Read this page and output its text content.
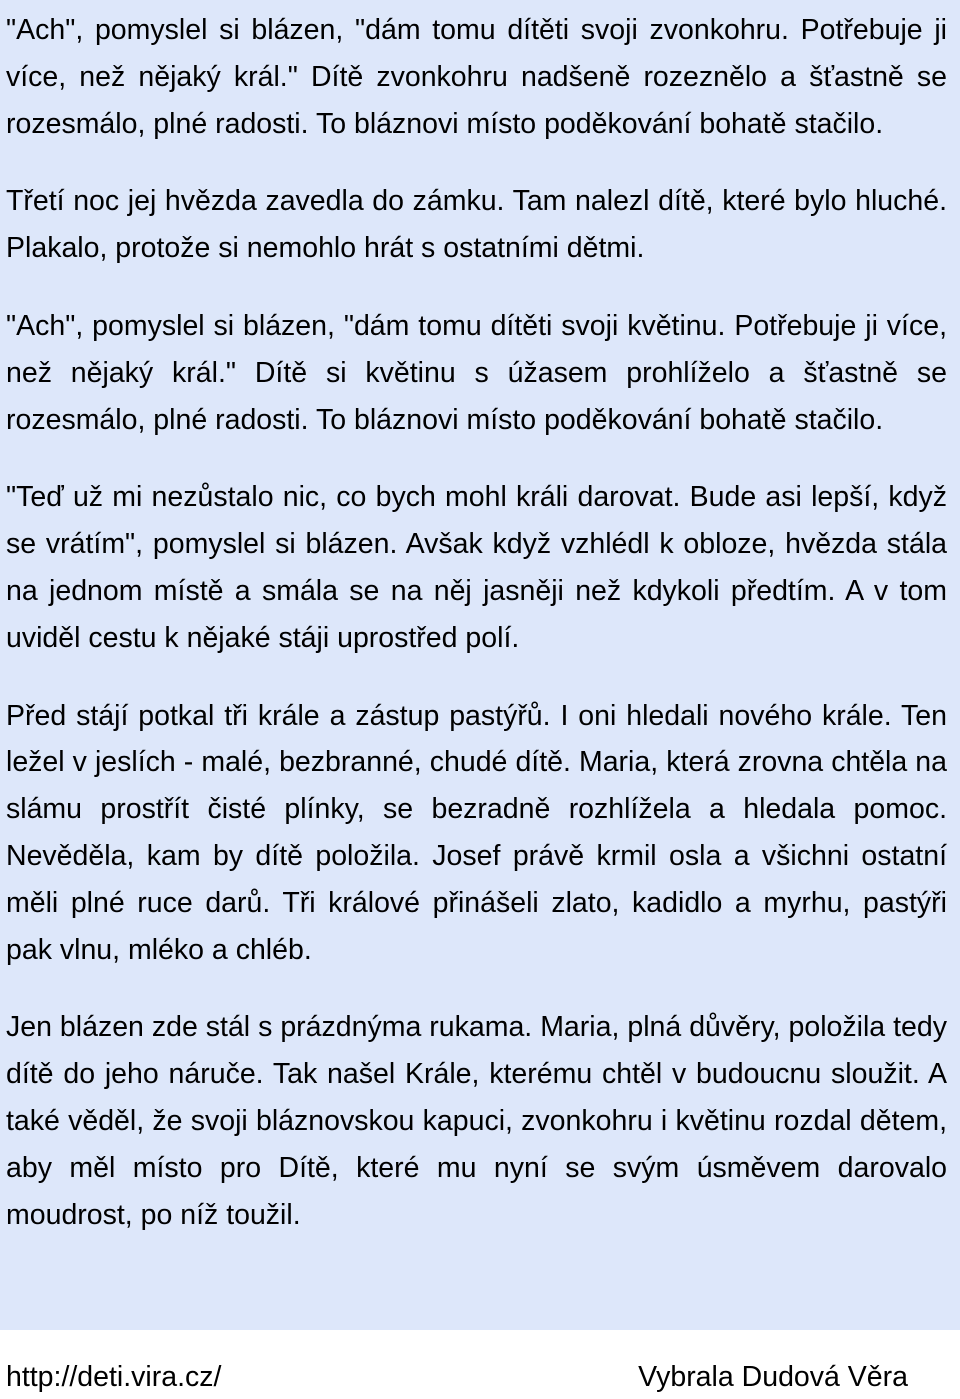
"Ach", pomyslel si blázen, "dám tomu dítěti svoji zvonkohru. Potřebuje ji více, než nějaký král." Dítě zvonkohru nadšeně rozeznělo a šťastně se rozesmálo, plné radosti. To bláznovi místo poděkování bohatě stačilo.

Třetí noc jej hvězda zavedla do zámku. Tam nalezl dítě, které bylo hluché. Plakalo, protože si nemohlo hrát s ostatními dětmi.

"Ach", pomyslel si blázen, "dám tomu dítěti svoji květinu. Potřebuje ji více, než nějaký král." Dítě si květinu s úžasem prohlíželo a šťastně se rozesmálo, plné radosti. To bláznovi místo poděkování bohatě stačilo.

"Teď už mi nezůstalo nic, co bych mohl králi darovat. Bude asi lepší, když se vrátím", pomyslel si blázen. Avšak když vzhlédl k obloze, hvězda stála na jednom místě a smála se na něj jasněji než kdykoli předtím. A v tom uviděl cestu k nějaké stáji uprostřed polí.

Před stájí potkal tři krále a zástup pastýřů. I oni hledali nového krále. Ten ležel v jeslích - malé, bezbranné, chudé dítě. Maria, která zrovna chtěla na slámu prostřít čisté plínky, se bezradně rozhlížela a hledala pomoc. Nevěděla, kam by dítě položila. Josef právě krmil osla a všichni ostatní měli plné ruce darů. Tři králové přinášeli zlato, kadidlo a myrhu, pastýři pak vlnu, mléko a chléb.

Jen blázen zde stál s prázdnýma rukama. Maria, plná důvěry, položila tedy dítě do jeho náruče. Tak našel Krále, kterému chtěl v budoucnu sloužit. A také věděl, že svoji bláznovskou kapuci, zvonkohru i květinu rozdal dětem, aby měl místo pro Dítě, které mu nyní se svým úsměvem darovalo moudrost, po níž toužil.

http://deti.vira.cz/	Vybrala Dudová Věra
